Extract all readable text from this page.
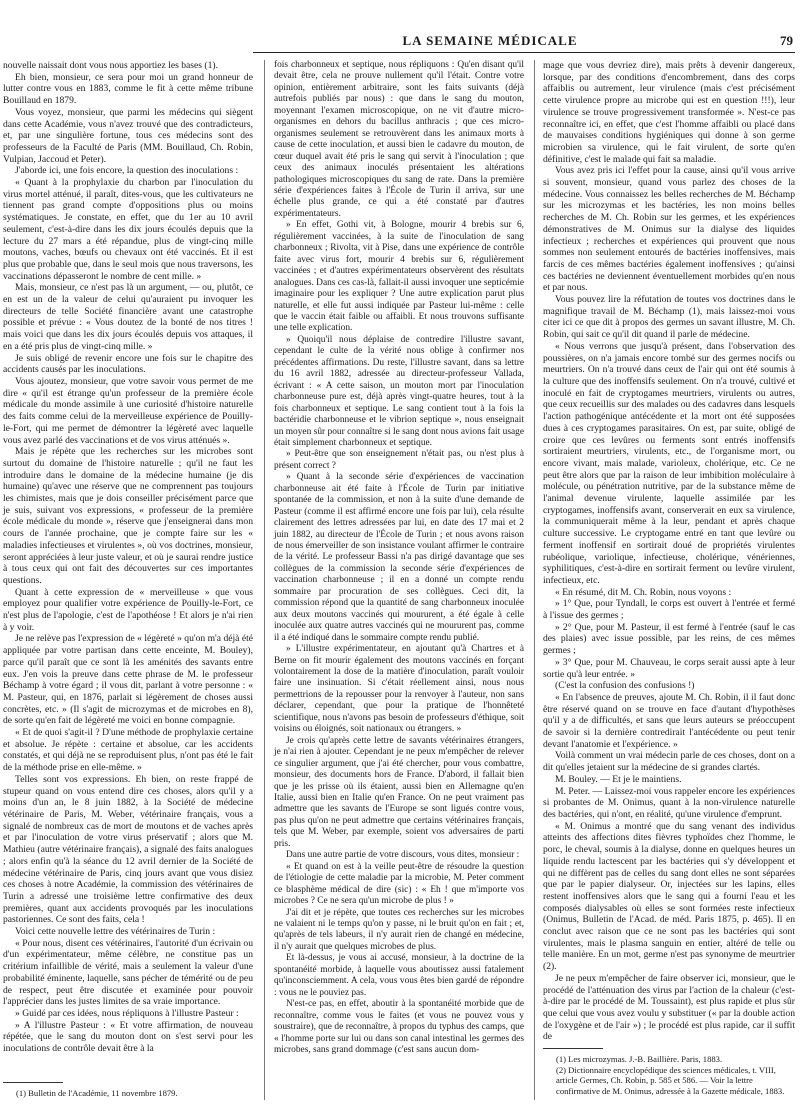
LA SEMAINE MÉDICALE	79

nouvelle naissait dont vous nous apportiez les bases (1).

Eh bien, monsieur, ce sera pour moi un grand honneur de lutter contre vous en 1883, comme le fit à cette même tribune Bouillaud en 1879.

Vous voyez, monsieur, que parmi les médecins qui siègent dans cette Académie, vous n'avez trouvé que des contradicteurs, et, par une singulière fortune, tous ces médecins sont des professeurs de la Faculté de Paris (MM. Bouillaud, Ch. Robin, Vulpian, Jaccoud et Peter).

J'aborde ici, une fois encore, la question des inoculations :

« Quant à la prophylaxie du charbon par l'inoculation du virus mortel atténué, il paraît, dites-vous, que les cultivateurs ne tiennent pas grand compte d'oppositions plus ou moins systématiques. Je constate, en effet, que du 1er au 10 avril seulement, c'est-à-dire dans les dix jours écoulés depuis que la lecture du 27 mars a été répandue, plus de vingt-cinq mille moutons, vaches, bœufs ou chevaux ont été vaccinés. Et il est plus que probable que, dans le seul mois que nous traversons, les vaccinations dépasseront le nombre de cent mille. »

Mais, monsieur, ce n'est pas là un argument, — ou, plutôt, ce en est un de la valeur de celui qu'auraient pu invoquer les directeurs de telle Société financière avant une catastrophe possible et prévue : « Vous doutez de la bonté de nos titres ! mais voici que dans les dix jours écoulés depuis vos attaques, il en a été pris plus de vingt-cinq mille. »

Je suis obligé de revenir encore une fois sur le chapitre des accidents causés par les inoculations.

Vous ajoutez, monsieur, que votre savoir vous permet de me dire « qu'il est étrange qu'un professeur de la première école médicale du monde assimile à une curiosité d'histoire naturelle des faits comme celui de la merveilleuse expérience de Pouilly-le-Fort, qui me permet de démontrer la légèreté avec laquelle vous avez parlé des vaccinations et de vos virus atténués ».

Mais je répète que les recherches sur les microbes sont surtout du domaine de l'histoire naturelle ; qu'il ne faut les introduire dans le domaine de la médecine humaine (je dis humaine) qu'avec une réserve que ne comprennent pas toujours les chimistes, mais que je dois conseiller précisément parce que je suis, suivant vos expressions, « professeur de la première école médicale du monde », réserve que j'enseignerai dans mon cours de l'année prochaine, que je compte faire sur les « maladies infectieuses et virulentes », où vos doctrines, monsieur, seront appréciées à leur juste valeur, et où je saurai rendre justice à tous ceux qui ont fait des découvertes sur ces importantes questions.

Quant à cette expression de « merveilleuse » que vous employez pour qualifier votre expérience de Pouilly-le-Fort, ce n'est plus de l'apologie, c'est de l'apothéose ! Et alors je n'ai rien à y voir.

Je ne relève pas l'expression de « légèreté » qu'on m'a déjà été appliquée par votre partisan dans cette enceinte, M. Bouley), parce qu'il paraît que ce sont là les aménités des savants entre eux. J'en vois la preuve dans cette phrase de M. le professeur Béchamp à votre égard ; il vous dit, parlant à votre personne : « M. Pasteur, qui, en 1876, parlait si légèrement de choses aussi concrètes, etc. » (Il s'agit de microzymas et de microbes en 8), de sorte qu'en fait de légèreté me voici en bonne compagnie.

« Et de quoi s'agit-il ? D'une méthode de prophylaxie certaine et absolue. Je répète : certaine et absolue, car les accidents constatés, et qui déjà ne se reproduisent plus, n'ont pas été le fait de la méthode prise en elle-même. »

Telles sont vos expressions. Eh bien, on reste frappé de stupeur quand on vous entend dire ces choses, alors qu'il y a moins d'un an, le 8 juin 1882, à la Société de médecine vétérinaire de Paris, M. Weber, vétérinaire français, vous a signalé de nombreux cas de mort de moutons et de vaches après et par l'inoculation de votre virus préservatif ; alors que M. Mathieu (autre vétérinaire français), a signalé des faits analogues ; alors enfin qu'à la séance du 12 avril dernier de la Société de médecine vétérinaire de Paris, cinq jours avant que vous disiez ces choses à notre Académie, la commission des vétérinaires de Turin a adressé une troisième lettre confirmative des deux premières, quant aux accidents provoqués par les inoculations pastoriennes. Ce sont des faits, cela !

Voici cette nouvelle lettre des vétérinaires de Turin :

« Pour nous, disent ces vétérinaires, l'autorité d'un écrivain ou d'un expérimentateur, même célèbre, ne constitue pas un critérium infaillible de vérité, mais a seulement la valeur d'une probabilité éminente, laquelle, sans pécher de témérité ou de peu de respect, peut être discutée et examinée pour pouvoir l'apprécier dans les justes limites de sa vraie importance.

» Guidé par ces idées, nous répliquons à l'illustre Pasteur :

» A l'illustre Pasteur : « Et votre affirmation, de nouveau répétée, que le sang du mouton dont on s'est servi pour les inoculations de contrôle devait être à la

fois charbonneux et septique, nous répliquons : Qu'en disant qu'il devait être, cela ne prouve nullement qu'il l'était. Contre votre opinion, entièrement arbitraire, sont les faits suivants (déjà autrefois publiés par nous) : que dans le sang du mouton, moyennant l'examen microscopique, on ne vit d'autre micro-organismes en dehors du bacillus anthracis ; que ces micro-organismes seulement se retrouvèrent dans les animaux morts à cause de cette inoculation, et aussi bien le cadavre du mouton, de cœur duquel avait été pris le sang qui servit à l'inoculation ; que ceux des animaux inoculés présentaient les altérations pathologiques microscopiques du sang de rate. Dans la première série d'expériences faites à l'École de Turin il arriva, sur une échelle plus grande, ce qui a été constaté par d'autres expérimentateurs.

» En effet, Gothi vit, à Bologne, mourir 4 brebis sur 6, régulièrement vaccinées, à la suite de l'inoculation de sang charbonneux ; Rivolta, vit à Pise, dans une expérience de contrôle faite avec virus fort, mourir 4 brebis sur 6, régulièrement vaccinées ; et d'autres expérimentateurs observèrent des résultats analogues. Dans ces cas-là, fallait-il aussi invoquer une septicémie imaginaire pour les expliquer ? Une autre explication parut plus naturelle, et elle fut aussi indiquée par Pasteur lui-même : celle que le vaccin était faible ou affaibli. Et nous trouvons suffisante une telle explication.

» Quoiqu'il nous déplaise de contredire l'illustre savant, cependant le culte de la vérité nous oblige à confirmer nos précédentes affirmations. Du reste, l'illustre savant, dans sa lettre du 16 avril 1882, adressée au directeur-professeur Vallada, écrivant : « A cette saison, un mouton mort par l'inoculation charbonneuse pure est, déjà après vingt-quatre heures, tout à la fois charbonneux et septique. Le sang contient tout à la fois la bactéridie charbonneuse et le vibrion septique », nous enseignait un moyen sûr pour connaître si le sang dont nous avions fait usage était simplement charbonneux et septique.

» Peut-être que son enseignement n'était pas, ou n'est plus à présent correct ?

» Quant à la seconde série d'expériences de vaccination charbonneuse ait été faite à l'École de Turin par initiative spontanée de la commission, et non à la suite d'une demande de Pasteur (comme il est affirmé encore une fois par lui), cela résulte clairement des lettres adressées par lui, en date des 17 mai et 2 juin 1882, au directeur de l'École de Turin ; et nous avons raison de nous émerveiller de son insistance voulant affirmer le contraire de la vérité. Le professeur Bassi n'a pas dirigé davantage que ses collègues de la commission la seconde série d'expériences de vaccination charbonneuse ; il en a donné un compte rendu sommaire par procuration de ses collègues. Ceci dit, la commission répond que la quantité de sang charbonneux inoculée aux deux moutons vaccinés qui moururent, a été égale à celle inoculée aux quatre autres vaccinés qui ne moururent pas, comme il a été indiqué dans le sommaire compte rendu publié.

» L'illustre expérimentateur, en ajoutant qu'à Chartres et à Berne on fit mourir également des moutons vaccinés en forçant volontairement la dose de la matière d'inoculation, paraît vouloir faire une insinuation. Si c'était réellement ainsi, nous nous permettrions de la repousser pour la renvoyer à l'auteur, non sans déclarer, cependant, que pour la pratique de l'honnêteté scientifique, nous n'avons pas besoin de professeurs d'éthique, soit voisins ou éloignés, soit nationaux ou étrangers. »

Je crois qu'après cette lettre de savants vétérinaires étrangers, je n'ai rien à ajouter. Cependant je ne peux m'empêcher de relever ce singulier argument, que j'ai été chercher, pour vous combattre, monsieur, des documents hors de France. D'abord, il fallait bien que je les prisse où ils étaient, aussi bien en Allemagne qu'en Italie, aussi bien en Italie qu'en France. On ne peut vraiment pas admettre que les savants de l'Europe se sont ligués contre vous, pas plus qu'on ne peut admettre que certains vétérinaires français, tels que M. Weber, par exemple, soient vos adversaires de parti pris.

Dans une autre partie de votre discours, vous dites, monsieur :

« Et quand on est à la veille peut-être de résoudre la question de l'étiologie de cette maladie par la microbie, M. Peter comment ce blasphème médical de dire (sic) : « Eh ! que m'importe vos microbes ? Ce ne sera qu'un microbe de plus ! »

J'ai dit et je répète, que toutes ces recherches sur les microbes ne valaient ni le temps qu'on y passe, ni le bruit qu'on en fait ; et, qu'après de tels labeurs, il n'y aurait rien de changé en médecine, il n'y aurait que quelques microbes de plus.

Et là-dessus, je vous ai accusé, monsieur, à la doctrine de la spontanéité morbide, à laquelle vous aboutissez aussi fatalement qu'inconsciemment. A cela, vous vous êtes bien gardé de répondre : vous ne le pouviez pas.

N'est-ce pas, en effet, aboutir à la spontanéité morbide que de reconnaître, comme vous le faites (et vous ne pouvez vous y soustraire), que de reconnaître, à propos du typhus des camps, que « l'homme porte sur lui ou dans son canal intestinal les germes des microbes, sans grand dommage (c'est sans aucun dom-

mage que vous devriez dire), mais prêts à devenir dangereux, lorsque, par des conditions d'encombrement, dans des corps affaiblis ou autrement, leur virulence (mais c'est précisément cette virulence propre au microbe qui est en question !!!), leur virulence se trouve progressivement transformée ». N'est-ce pas reconnaître ici, en effet, que c'est l'homme affaibli ou placé dans de mauvaises conditions hygiéniques qui donne à son germe microbien sa virulence, qui le fait virulent, de sorte qu'en définitive, c'est le malade qui fait sa maladie.

Vous avez pris ici l'effet pour la cause, ainsi qu'il vous arrive si souvent, monsieur, quand vous parlez des choses de la médecine. Vous connaissez les belles recherches de M. Béchamp sur les microzymas et les bactéries, les non moins belles recherches de M. Ch. Robin sur les germes, et les expériences démonstratives de M. Onimus sur la dialyse des liquides infectieux ; recherches et expériences qui prouvent que nous sommes non seulement entourés de bactéries inoffensives, mais farcis de ces mêmes bactéries également inoffensives ; qu'ainsi ces bactéries ne deviennent éventuellement morbides qu'en nous et par nous.

Vous pouvez lire la réfutation de toutes vos doctrines dans le magnifique travail de M. Béchamp (1), mais laissez-moi vous citer ici ce que dit à propos des germes un savant illustre, M. Ch. Robin, qui sait ce qu'il dit quand il parle de médecine.

« Nous verrons que jusqu'à présent, dans l'observation des poussières, on n'a jamais encore tombé sur des germes nocifs ou meurtriers. On n'a trouvé dans ceux de l'air qui ont été soumis à la culture que des inoffensifs seulement. On n'a trouvé, cultivé et inoculé en fait de cryptogames meurtriers, virulents ou autres, que ceux recueillis sur des malades ou des cadavres dans lesquels l'action pathogénique antécédente et la mort ont été supposées dues à ces cryptogames parasitaires. On est, par suite, obligé de croire que ces levûres ou ferments sont entrés inoffensifs sortiraient meurtriers, virulents, etc., de l'organisme mort, ou encore vivant, mais malade, varioleux, cholérique, etc. Ce ne peut être alors que par la raison de leur imbibition moléculaire à molécule, ou pénétration nutritive, par de la substance même de l'animal devenue virulente, laquelle assimilée par les cryptogames, inoffensifs avant, conserverait en eux sa virulence, la communiquerait même à la leur, pendant et après chaque culture successive. Le cryptogame entré en tant que levûre ou ferment inoffensif en sortirait doué de propriétés virulentes rubéolique, variolique, infectieuse, cholérique, vénériennes, syphilitiques, c'est-à-dire en sortirait ferment ou levûre virulent, infectieux, etc.

« En résumé, dit M. Ch. Robin, nous voyons :

» 1° Que, pour Tyndall, le corps est ouvert à l'entrée et fermé à l'issue des germes ;

» 2° Que, pour M. Pasteur, il est fermé à l'entrée (sauf le cas des plaies) avec issue possible, par les reins, de ces mêmes germes ;

» 3° Que, pour M. Chauveau, le corps serait aussi apte à leur sortie qu'à leur entrée. »

(C'est la confusion des confusions !)

« En l'absence de preuves, ajoute M. Ch. Robin, il il faut donc être réservé quand on se trouve en face d'autant d'hypothèses qu'il y a de difficultés, et sans que leurs auteurs se préoccupent de savoir si la dernière contredirait l'antécédente ou peut tenir devant l'anatomie et l'expérience. »

Voilà comment un vrai médecin parle de ces choses, dont on a dit qu'elles jetaient sur la médecine de si grandes clartés.

M. Bouley. — Et je le maintiens.

M. Peter. — Laissez-moi vous rappeler encore les expériences si probantes de M. Onimus, quant à la non-virulence naturelle des bactéries, qui n'ont, en réalité, qu'une virulence d'emprunt.

« M. Onimus a montré que du sang venant des individus atteints des affections dites fièvres typhoïdes chez l'homme, le porc, le cheval, soumis à la dialyse, donne en quelques heures un liquide rendu lactescent par les bactéries qui s'y développent et qui ne diffèrent pas de celles du sang dont elles ne sont séparées que par le papier dialyseur. Or, injectées sur les lapins, elles restent inoffensives alors que le sang qui a fourni l'eau et les composés dialysables où elles se sont formées reste infectieux (Onimus, Bulletin de l'Acad. de méd. Paris 1875, p. 465). Il en conclut avec raison que ce ne sont pas les bactéries qui sont virulentes, mais le plasma sanguin en entier, altéré de telle ou telle manière. En un mot, germe n'est pas synonyme de meurtrier (2).

Je ne peux m'empêcher de faire observer ici, monsieur, que le procédé de l'atténuation des virus par l'action de la chaleur (c'est-à-dire par le procédé de M. Toussaint), est plus rapide et plus sûr que celui que vous avez voulu y substituer (« par la double action de l'oxygène et de l'air ») ; le procédé est plus rapide, car il suffit de

(1) Bulletin de l'Académie, 11 novembre 1879.
(1) Les microzymas. J.-B. Baillière. Paris, 1883.
(2) Dictionnaire encyclopédique des sciences médicales, t. VIII, article Germes, Ch. Robin, p. 585 et 586. — Voir la lettre confirmative de M. Onimus, adressée à la Gazette médicale, 1883.
